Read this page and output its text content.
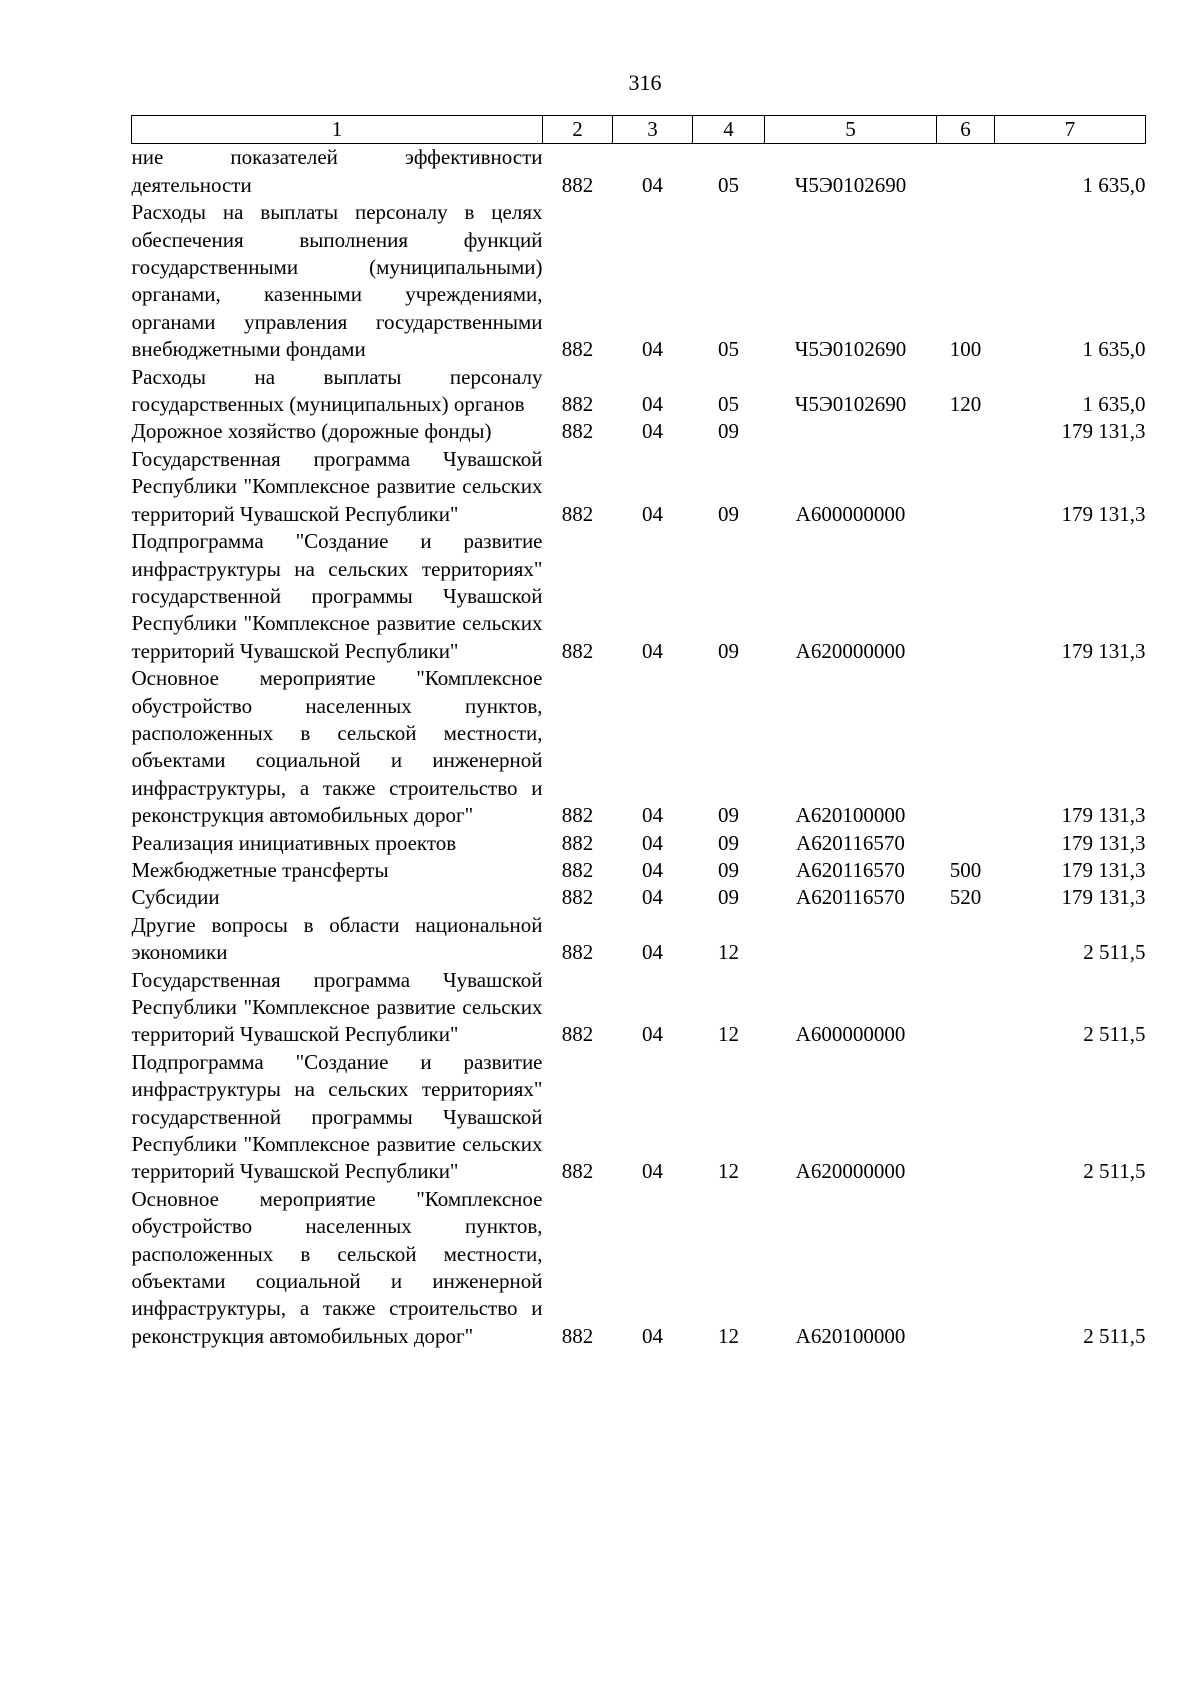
316
1	2	3	4	5	6	7
ние показателей эффективности деятельности	882	04	05	Ч5Э0102690		1 635,0
Расходы на выплаты персоналу в целях обеспечения выполнения функций государственными (муниципальными) органами, казенными учреждениями, органами управления государственными внебюджетными фондами	882	04	05	Ч5Э0102690	100	1 635,0
Расходы на выплаты персоналу государственных (муниципальных) органов	882	04	05	Ч5Э0102690	120	1 635,0
Дорожное хозяйство (дорожные фонды)	882	04	09			179 131,3
Государственная программа Чувашской Республики "Комплексное развитие сельских территорий Чувашской Республики"	882	04	09	А600000000		179 131,3
Подпрограмма "Создание и развитие инфраструктуры на сельских территориях" государственной программы Чувашской Республики "Комплексное развитие сельских территорий Чувашской Республики"	882	04	09	А620000000		179 131,3
Основное мероприятие "Комплексное обустройство населенных пунктов, расположенных в сельской местности, объектами социальной и инженерной инфраструктуры, а также строительство и реконструкция автомобильных дорог"	882	04	09	А620100000		179 131,3
Реализация инициативных проектов	882	04	09	А620116570		179 131,3
Межбюджетные трансферты	882	04	09	А620116570	500	179 131,3
Субсидии	882	04	09	А620116570	520	179 131,3
Другие вопросы в области национальной экономики	882	04	12			2 511,5
Государственная программа Чувашской Республики "Комплексное развитие сельских территорий Чувашской Республики"	882	04	12	А600000000		2 511,5
Подпрограмма "Создание и развитие инфраструктуры на сельских территориях" государственной программы Чувашской Республики "Комплексное развитие сельских территорий Чувашской Республики"	882	04	12	А620000000		2 511,5
Основное мероприятие "Комплексное обустройство населенных пунктов, расположенных в сельской местности, объектами социальной и инженерной инфраструктуры, а также строительство и реконструкция автомобильных дорог"	882	04	12	А620100000		2 511,5
